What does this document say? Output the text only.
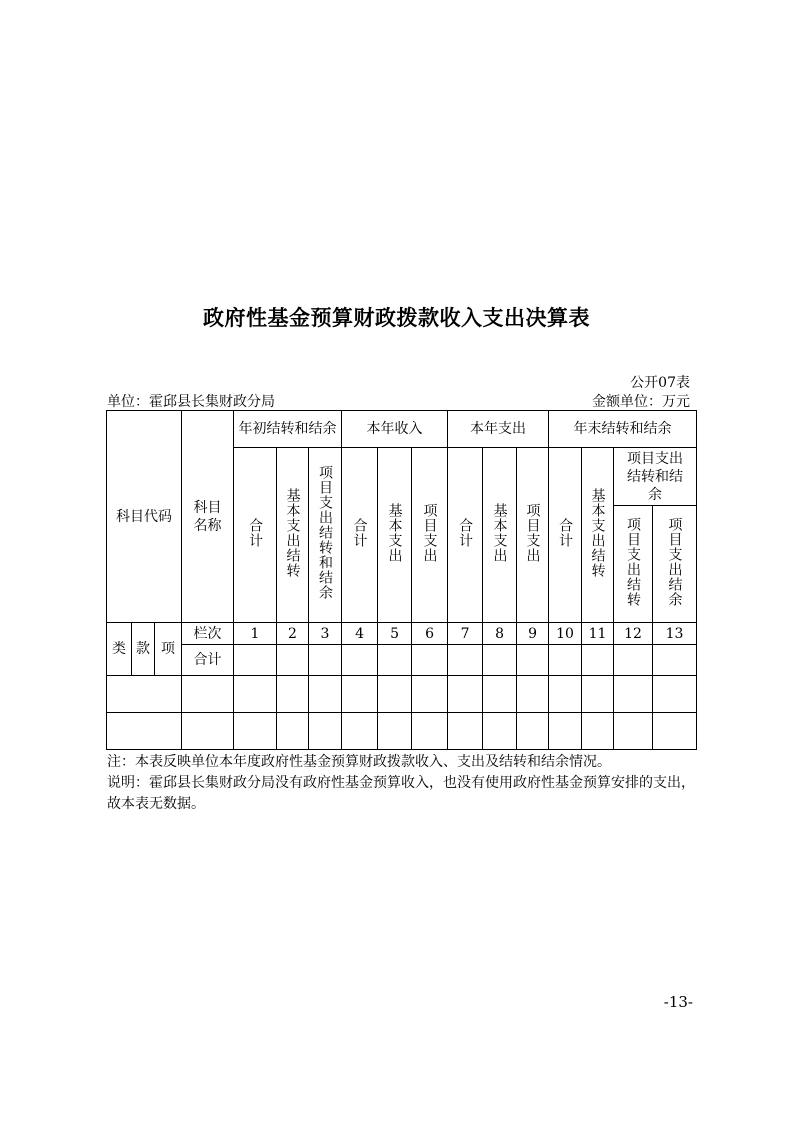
政府性基金预算财政拨款收入支出决算表
公开07表
单位：霍邱县长集财政分局	金额单位：万元
科目代码			科目名称	年初结转和结余			本年收入			本年支出			年末结转和结余			
				合计	基本支出结转	项目支出结转和结余	合计	基本支出	项目支出	合计	基本支出	项目支出	合计	基本支出结转	项目支出结转和结余	
															项目支出结转	项目支出结余
类	款	项	栏次	1	2	3	4	5	6	7	8	9	10	11	12	13
			合计													

注：本表反映单位本年度政府性基金预算财政拨款收入、支出及结转和结余情况。
说明：霍邱县长集财政分局没有政府性基金预算收入，也没有使用政府性基金预算安排的支出，故本表无数据。
-13-
